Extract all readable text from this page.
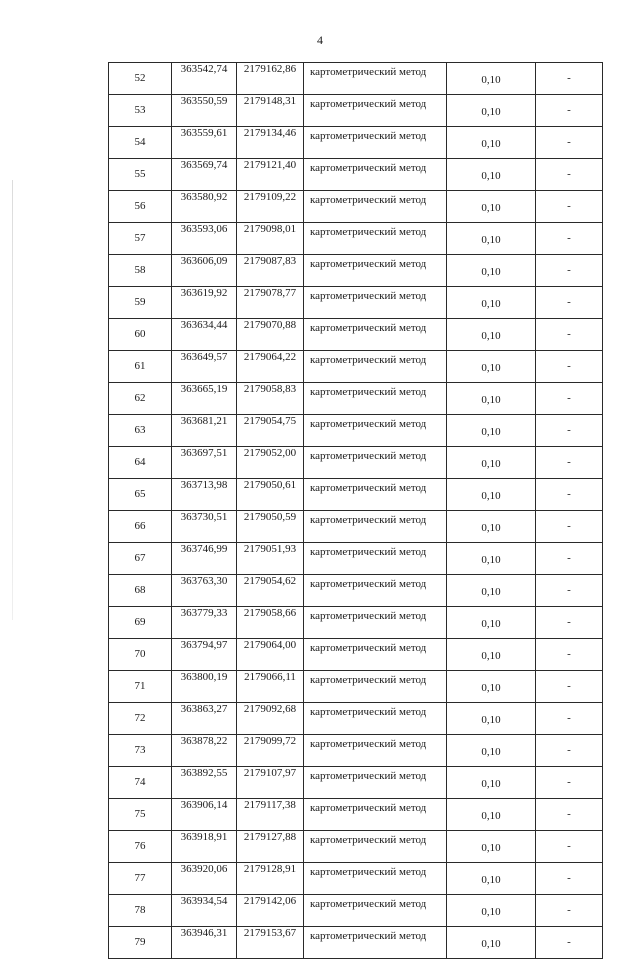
4
52	363542,74	2179162,86	картометрический метод	0,10	-
53	363550,59	2179148,31	картометрический метод	0,10	-
54	363559,61	2179134,46	картометрический метод	0,10	-
55	363569,74	2179121,40	картометрический метод	0,10	-
56	363580,92	2179109,22	картометрический метод	0,10	-
57	363593,06	2179098,01	картометрический метод	0,10	-
58	363606,09	2179087,83	картометрический метод	0,10	-
59	363619,92	2179078,77	картометрический метод	0,10	-
60	363634,44	2179070,88	картометрический метод	0,10	-
61	363649,57	2179064,22	картометрический метод	0,10	-
62	363665,19	2179058,83	картометрический метод	0,10	-
63	363681,21	2179054,75	картометрический метод	0,10	-
64	363697,51	2179052,00	картометрический метод	0,10	-
65	363713,98	2179050,61	картометрический метод	0,10	-
66	363730,51	2179050,59	картометрический метод	0,10	-
67	363746,99	2179051,93	картометрический метод	0,10	-
68	363763,30	2179054,62	картометрический метод	0,10	-
69	363779,33	2179058,66	картометрический метод	0,10	-
70	363794,97	2179064,00	картометрический метод	0,10	-
71	363800,19	2179066,11	картометрический метод	0,10	-
72	363863,27	2179092,68	картометрический метод	0,10	-
73	363878,22	2179099,72	картометрический метод	0,10	-
74	363892,55	2179107,97	картометрический метод	0,10	-
75	363906,14	2179117,38	картометрический метод	0,10	-
76	363918,91	2179127,88	картометрический метод	0,10	-
77	363920,06	2179128,91	картометрический метод	0,10	-
78	363934,54	2179142,06	картометрический метод	0,10	-
79	363946,31	2179153,67	картометрический метод	0,10	-
